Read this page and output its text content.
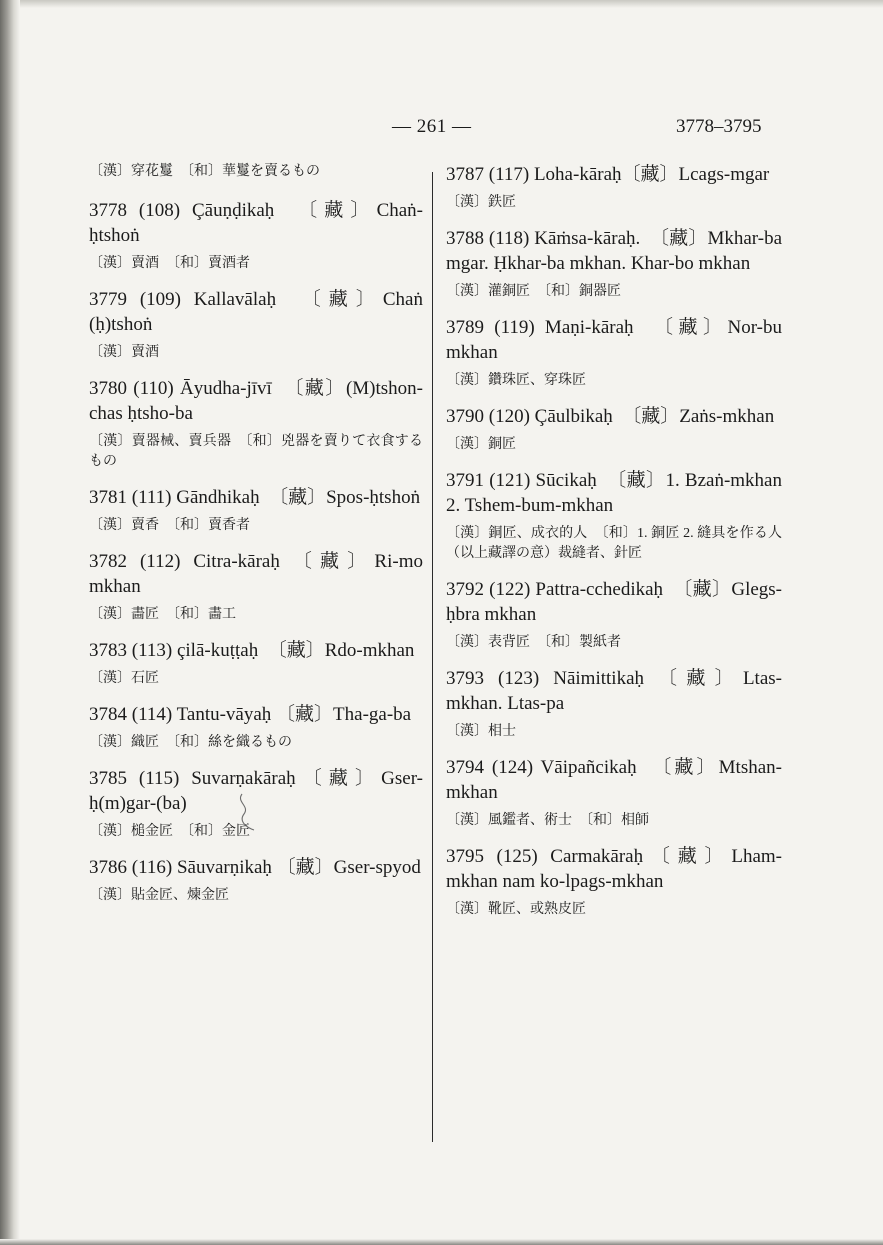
— 261 —	3778–3795
〔漢〕穿花鬘　〔和〕華鬘を賣るもの
3778 (108) Çāuṇḍikaḥ　〔藏〕Chaṅ-ḥtshoṅ
〔漢〕賣酒　〔和〕賣酒者
3779 (109) Kallavālaḥ　〔藏〕Chaṅ (ḥ)tshoṅ
〔漢〕賣酒
3780 (110) Āyudha-jīvī　〔藏〕(M)tshon-chas ḥtsho-ba
〔漢〕賣器械、賣兵器　〔和〕兇器を賣りて衣食するもの
3781 (111) Gāndhikaḥ　〔藏〕Spos-ḥtshoṅ
〔漢〕賣香　〔和〕賣香者
3782 (112) Citra-kāraḥ 〔藏〕Ri-mo mkhan
〔漢〕畵匠　〔和〕畵工
3783 (113) çilā-kuṭṭaḥ　〔藏〕Rdo-mkhan
〔漢〕石匠
3784 (114) Tantu-vāyaḥ 〔藏〕Tha-ga-ba
〔漢〕織匠　〔和〕絲を織るもの
3785 (115) Suvarṇakāraḥ〔藏〕Gser-ḥ(m)gar-(ba)
〔漢〕槌金匠　〔和〕金匠
3786 (116) Sāuvarṇikaḥ 〔藏〕Gser-spyod
〔漢〕貼金匠、煉金匠
3787 (117) Loha-kāraḥ〔藏〕Lcags-mgar
〔漢〕鉄匠
3788 (118) Kāṁsa-kāraḥ.　〔藏〕Mkhar-ba mgar. Ḥkhar-ba mkhan. Khar-bo mkhan
〔漢〕灌銅匠　〔和〕銅器匠
3789 (119) Maṇi-kāraḥ　〔藏〕Nor-bu mkhan
〔漢〕鑽珠匠、穿珠匠
3790 (120) Çāulbikaḥ　〔藏〕Zaṅs-mkhan
〔漢〕銅匠
3791 (121) Sūcikaḥ　〔藏〕1. Bzaṅ-mkhan　2. Tshem-bum-mkhan
〔漢〕銅匠、成衣的人　〔和〕1. 銅匠 2. 縫具を作る人（以上藏譯の意）裁縫者、針匠
3792 (122) Pattra-cchedikaḥ　〔藏〕Glegs-ḥbra mkhan
〔漢〕表背匠　〔和〕製紙者
3793 (123) Nāimittikaḥ 〔藏〕Ltas-mkhan. Ltas-pa
〔漢〕相士
3794 (124) Vāipañcikaḥ　〔藏〕Mtshan-mkhan
〔漢〕風鑑者、術士　〔和〕相師
3795 (125) Carmakāraḥ〔藏〕Lham-mkhan nam ko-lpags-mkhan
〔漢〕靴匠、或熟皮匠
